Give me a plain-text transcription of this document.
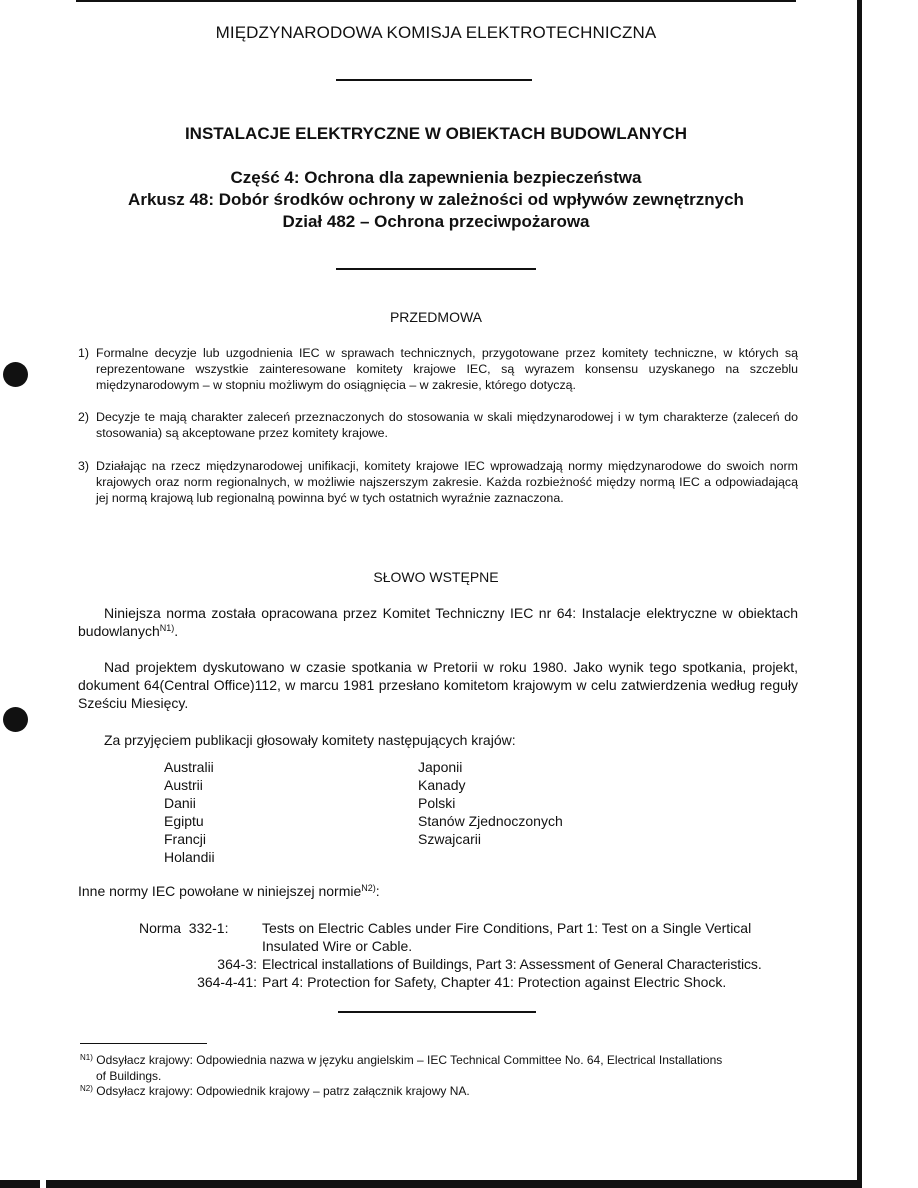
MIĘDZYNARODOWA KOMISJA ELEKTROTECHNICZNA
INSTALACJE ELEKTRYCZNE W OBIEKTACH BUDOWLANYCH
Część 4: Ochrona dla zapewnienia bezpieczeństwa
Arkusz 48: Dobór środków ochrony w zależności od wpływów zewnętrznych
Dział 482 – Ochrona przeciwpożarowa
PRZEDMOWA
1) Formalne decyzje lub uzgodnienia IEC w sprawach technicznych, przygotowane przez komitety techniczne, w których są reprezentowane wszystkie zainteresowane komitety krajowe IEC, są wyrazem konsensu uzyskanego na szczeblu międzynarodowym – w stopniu możliwym do osiągnięcia – w zakresie, którego dotyczą.
2) Decyzje te mają charakter zaleceń przeznaczonych do stosowania w skali międzynarodowej i w tym charakterze (zaleceń do stosowania) są akceptowane przez komitety krajowe.
3) Działając na rzecz międzynarodowej unifikacji, komitety krajowe IEC wprowadzają normy międzynarodowe do swoich norm krajowych oraz norm regionalnych, w możliwie najszerszym zakresie. Każda rozbieżność między normą IEC a odpowiadającą jej normą krajową lub regionalną powinna być w tych ostatnich wyraźnie zaznaczona.
SŁOWO WSTĘPNE
Niniejsza norma została opracowana przez Komitet Techniczny IEC nr 64: Instalacje elektryczne w obiektach budowlanych$^{N1)}$.
Nad projektem dyskutowano w czasie spotkania w Pretorii w roku 1980. Jako wynik tego spotkania, projekt, dokument 64(Central Office)112, w marcu 1981 przesłano komitetom krajowym w celu zatwierdzenia według reguły Sześciu Miesięcy.
Za przyjęciem publikacji głosowały komitety następujących krajów:
Australii
Austrii
Danii
Egiptu
Francji
Holandii
Japonii
Kanady
Polski
Stanów Zjednoczonych
Szwajcarii
Inne normy IEC powołane w niniejszej normie$^{N2)}$:
Norma  332-1:	Tests on Electric Cables under Fire Conditions, Part 1: Test on a Single Vertical Insulated Wire or Cable.
364-3: Electrical installations of Buildings, Part 3: Assessment of General Characteristics.
364-4-41: Part 4: Protection for Safety, Chapter 41: Protection against Electric Shock.
$^{N1)}$ Odsyłacz krajowy: Odpowiednia nazwa w języku angielskim – IEC Technical Committee No. 64, Electrical Installations
of Buildings.
$^{N2)}$ Odsyłacz krajowy: Odpowiednik krajowy – patrz załącznik krajowy NA.
